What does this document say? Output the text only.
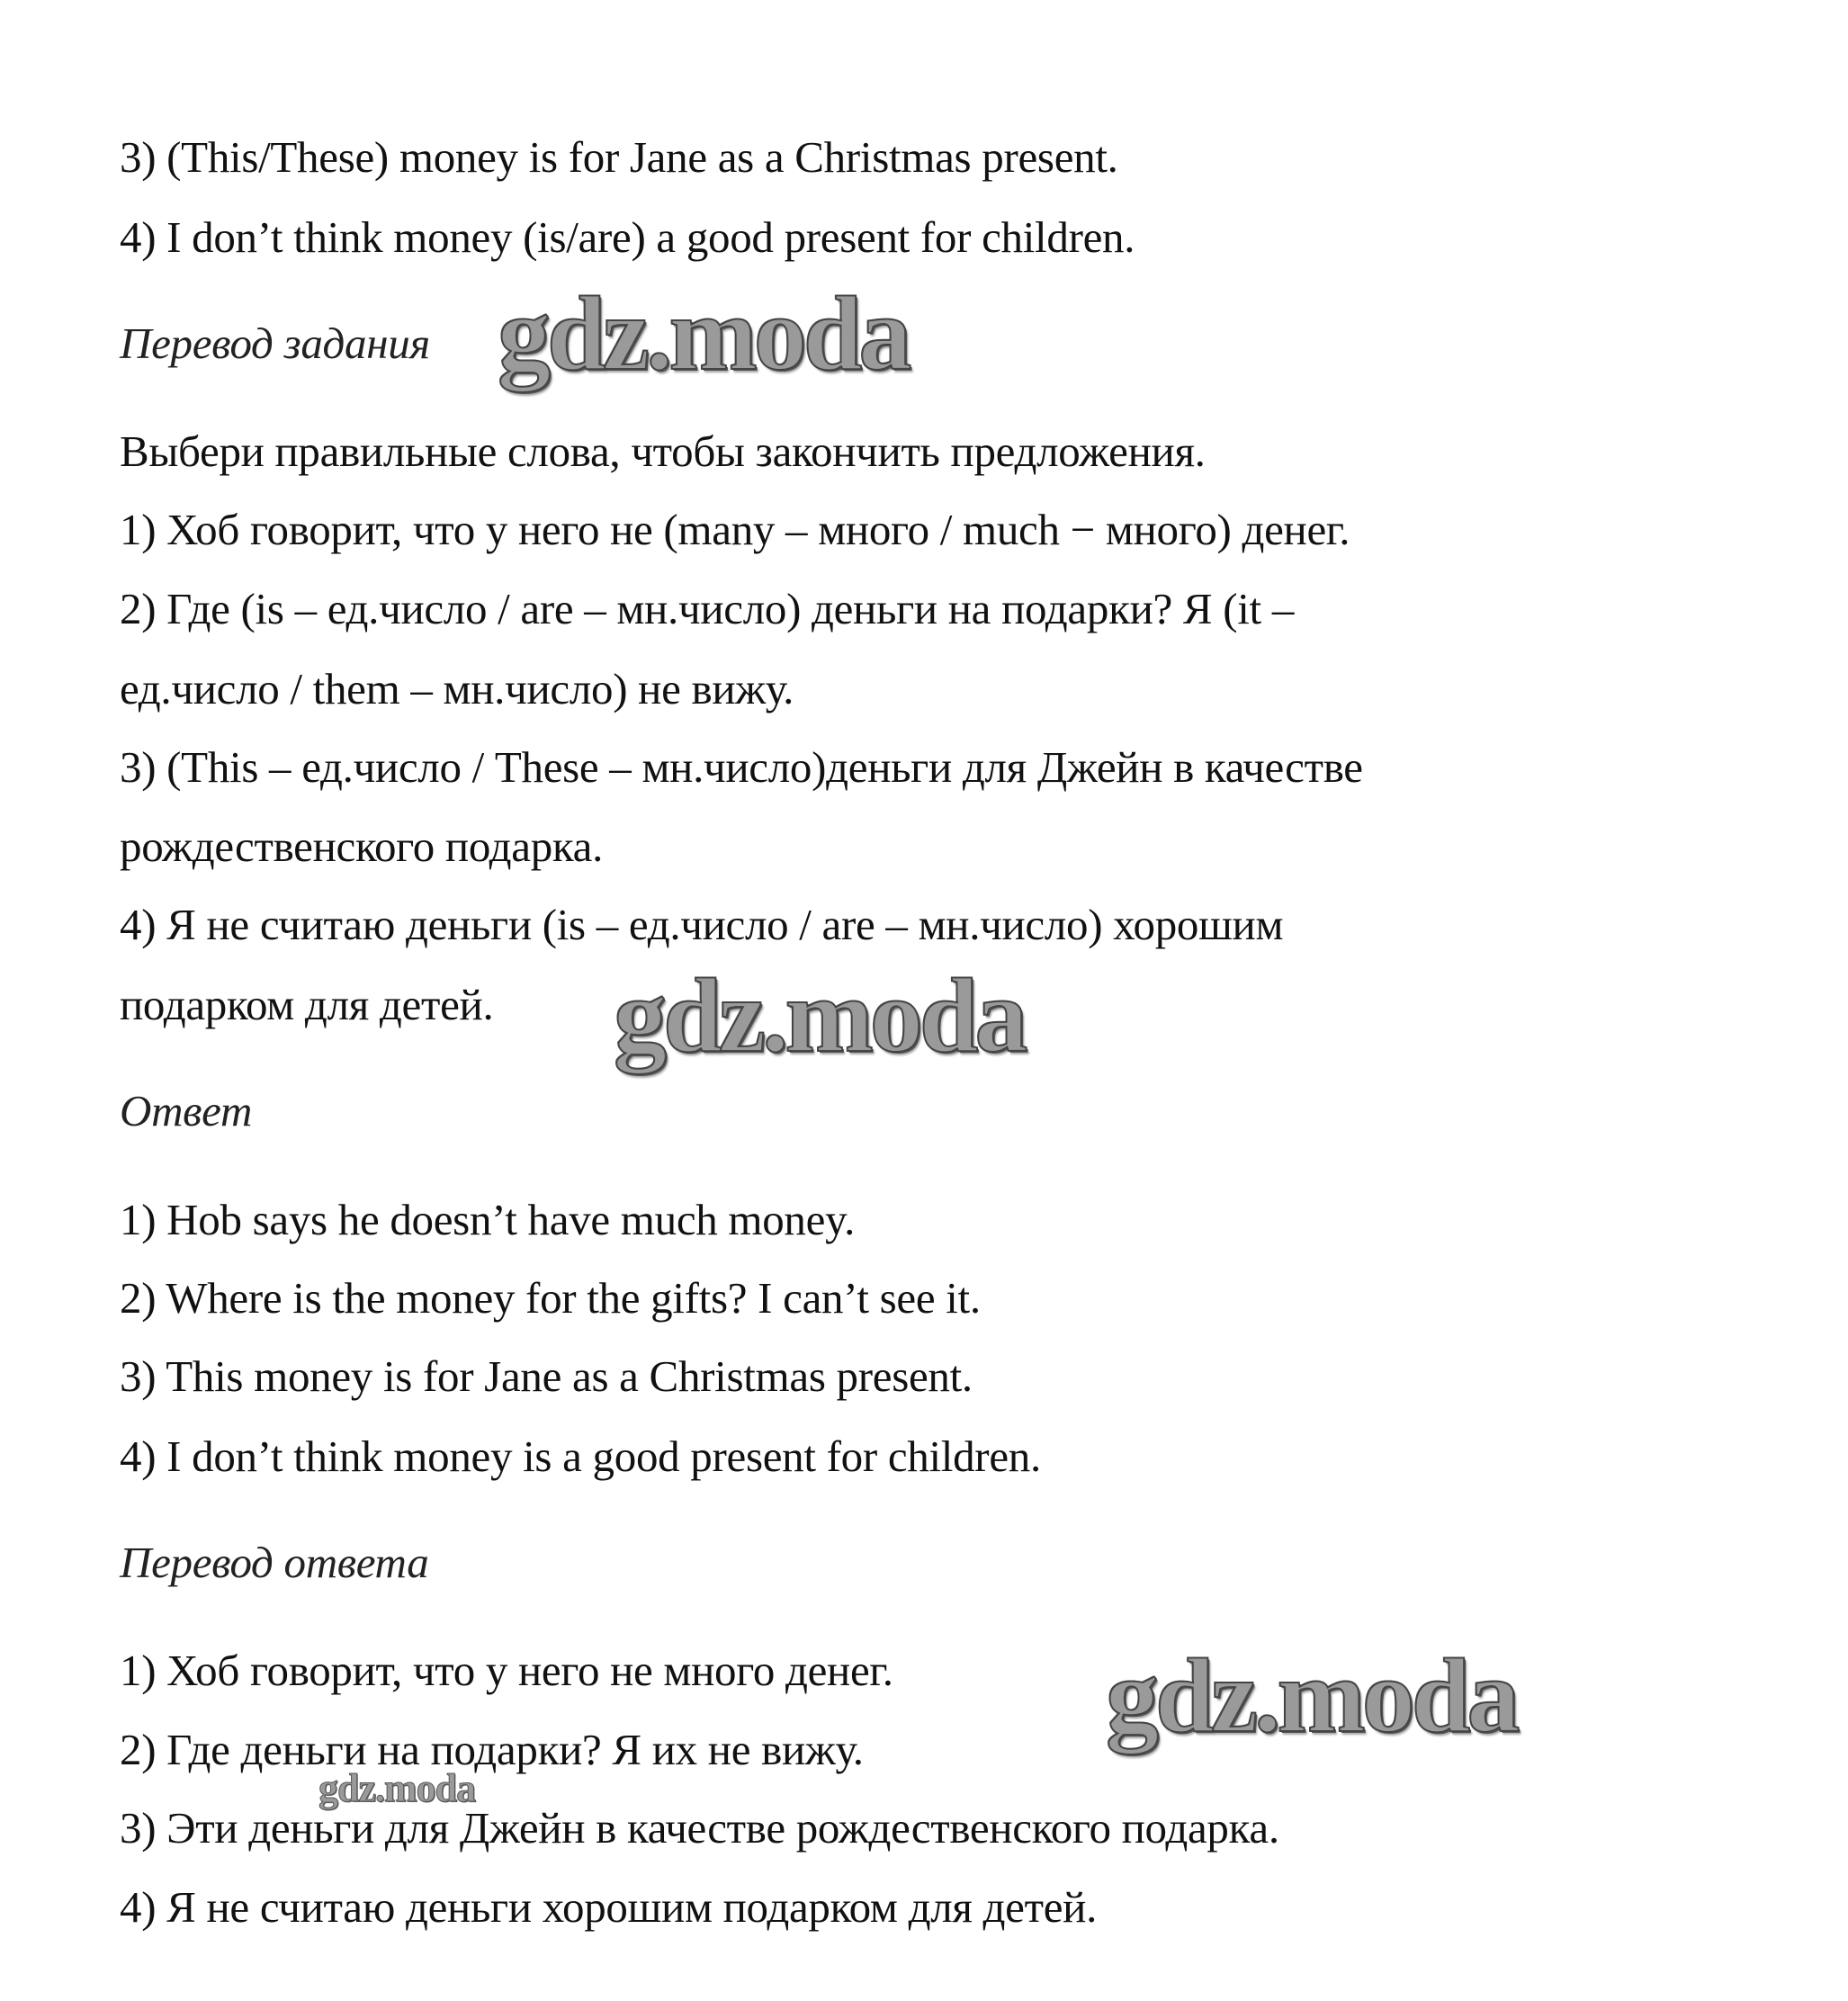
3) (This/These) money is for Jane as a Christmas present.
4) I don’t think money (is/are) a good present for children.
Перевод задания
Выбери правильные слова, чтобы закончить предложения.
1) Хоб говорит, что у него не (many – много / much − много) денег.
2) Где (is – ед.число / are – мн.число) деньги на подарки? Я (it –
ед.число / them – мн.число) не вижу.
3) (This – ед.число / These – мн.число)деньги для Джейн в качестве
рождественского подарка.
4) Я не считаю деньги (is – ед.число / are – мн.число) хорошим
подарком для детей.
Ответ
1) Hob says he doesn’t have much money.
2) Where is the money for the gifts? I can’t see it.
3) This money is for Jane as a Christmas present.
4) I don’t think money is a good present for children.
Перевод ответа
1) Хоб говорит, что у него не много денег.
2) Где деньги на подарки? Я их не вижу.
3) Эти деньги для Джейн в качестве рождественского подарка.
4) Я не считаю деньги хорошим подарком для детей.
gdz.moda
gdz.moda
gdz.moda
gdz.moda
